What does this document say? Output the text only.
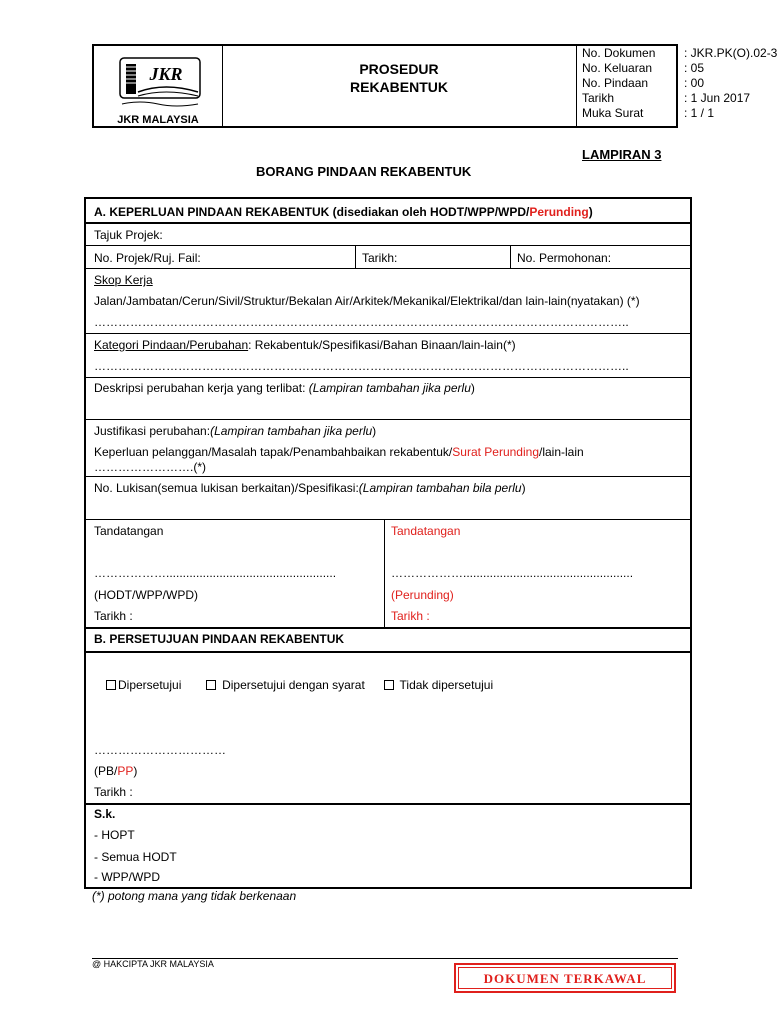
JKR
JKR MALAYSIA
PROSEDUR
REKABENTUK
No. Dokumen : JKR.PK(O).02-3
No. Keluaran	: 05
No. Pindaan	: 00
Tarikh	: 1 Jun 2017
Muka Surat	: 1 / 1
LAMPIRAN 3
BORANG PINDAAN REKABENTUK
A. KEPERLUAN PINDAAN REKABENTUK (disediakan oleh HODT/WPP/WPD/Perunding)
Tajuk Projek:
No. Projek/Ruj. Fail:	Tarikh:	No. Permohonan:
Skop Kerja
Jalan/Jambatan/Cerun/Sivil/Struktur/Bekalan Air/Arkitek/Mekanikal/Elektrikal/dan lain-lain(nyatakan) (*)
……………………………………………………………………………………………………………………..
Kategori Pindaan/Perubahan: Rekabentuk/Spesifikasi/Bahan Binaan/lain-lain(*)
……………………………………………………………………………………………………………………..
Deskripsi perubahan kerja yang terlibat: (Lampiran tambahan jika perlu)
Justifikasi perubahan:(Lampiran tambahan jika perlu)
Keperluan pelanggan/Masalah tapak/Penambahbaikan rekabentuk/Surat Perunding/lain-lain
…………………….(*)
No. Lukisan(semua lukisan berkaitan)/Spesifikasi:(Lampiran tambahan bila perlu)
Tandatangan
………………...................................................
(HODT/WPP/WPD)
Tarikh :
Tandatangan
………………...................................................
(Perunding)
Tarikh :
B. PERSETUJUAN PINDAAN REKABENTUK
Dipersetujui	Dipersetujui dengan syarat	Tidak dipersetujui
……………………………
(PB/PP)
Tarikh :
S.k.
- HOPT
- Semua HODT
- WPP/WPD
(*) potong mana yang tidak berkenaan
@ HAKCIPTA JKR MALAYSIA
DOKUMEN TERKAWAL
